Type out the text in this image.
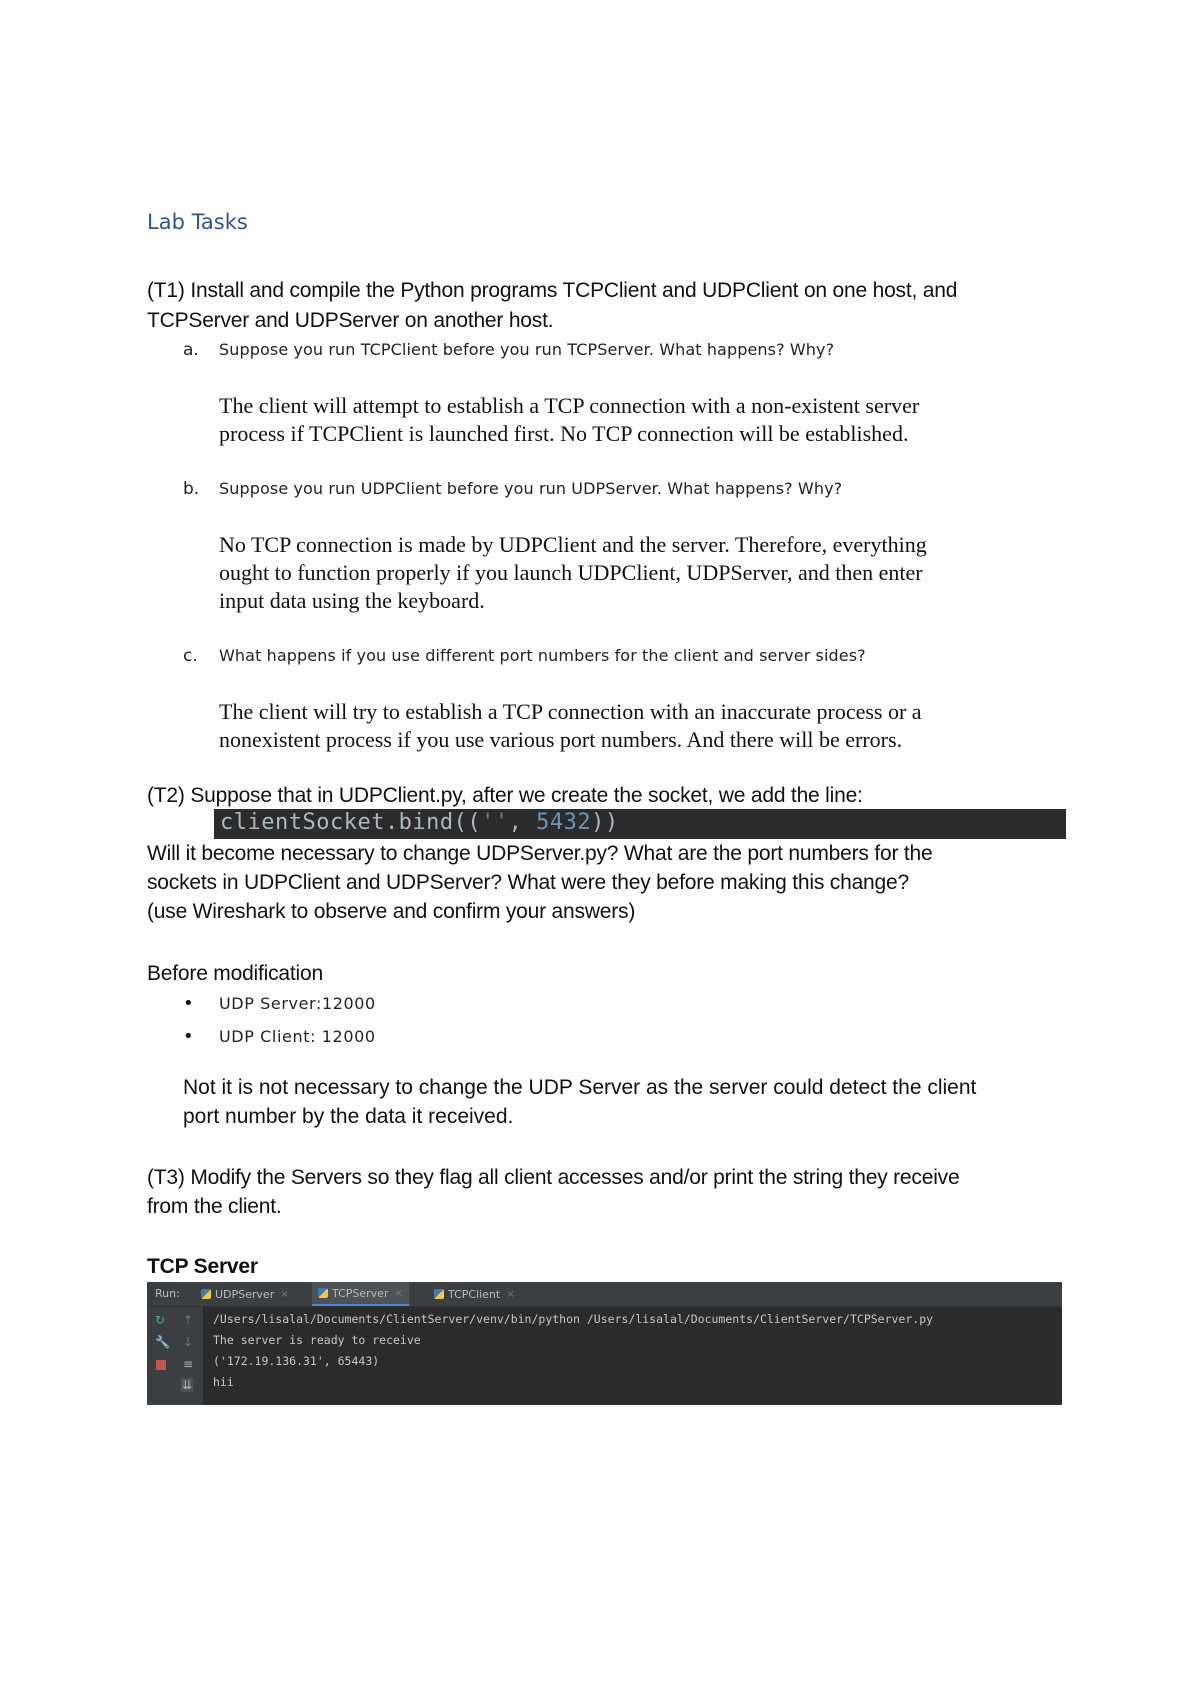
Lab Tasks
(T1) Install and compile the Python programs TCPClient and UDPClient on one host, and
TCPServer and UDPServer on another host.
a. Suppose you run TCPClient before you run TCPServer. What happens? Why?
The client will attempt to establish a TCP connection with a non-existent server
process if TCPClient is launched first. No TCP connection will be established.
b. Suppose you run UDPClient before you run UDPServer. What happens? Why?
No TCP connection is made by UDPClient and the server. Therefore, everything
ought to function properly if you launch UDPClient, UDPServer, and then enter
input data using the keyboard.
c. What happens if you use different port numbers for the client and server sides?
The client will try to establish a TCP connection with an inaccurate process or a
nonexistent process if you use various port numbers. And there will be errors.
(T2) Suppose that in UDPClient.py, after we create the socket, we add the line:
clientSocket.bind(('', 5432))
Will it become necessary to change UDPServer.py? What are the port numbers for the
sockets in UDPClient and UDPServer? What were they before making this change?
(use Wireshark to observe and confirm your answers)
Before modification
• UDP Server:12000
• UDP Client: 12000
Not it is not necessary to change the UDP Server as the server could detect the client
port number by the data it received.
(T3) Modify the Servers so they flag all client accesses and/or print the string they receive
from the client.
TCP Server
Run:	UDPServer ×	TCPServer ×	TCPClient ×
↻ ↑
🔧 ↓
≡
⇊
/Users/lisalal/Documents/ClientServer/venv/bin/python /Users/lisalal/Documents/ClientServer/TCPServer.py
The server is ready to receive
('172.19.136.31', 65443)
hii
